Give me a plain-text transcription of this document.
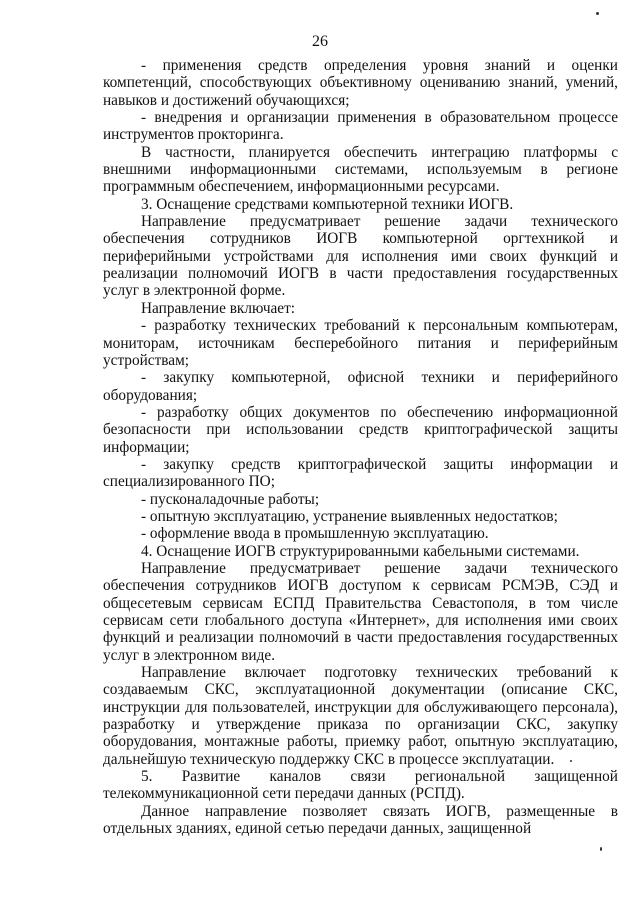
26

- применения средств определения уровня знаний и оценки компетенций, способствующих объективному оцениванию знаний, умений, навыков и достижений обучающихся;

- внедрения и организации применения в образовательном процессе инструментов прокторинга.

В частности, планируется обеспечить интеграцию платформы с внешними информационными системами, используемым в регионе программным обеспечением, информационными ресурсами.

3. Оснащение средствами компьютерной техники ИОГВ.

Направление предусматривает решение задачи технического обеспечения сотрудников ИОГВ компьютерной оргтехникой и периферийными устройствами для исполнения ими своих функций и реализации полномочий ИОГВ в части предоставления государственных услуг в электронной форме.

Направление включает:

- разработку технических требований к персональным компьютерам, мониторам, источникам бесперебойного питания и периферийным устройствам;

- закупку компьютерной, офисной техники и периферийного оборудования;

- разработку общих документов по обеспечению информационной безопасности при использовании средств криптографической защиты информации;

- закупку средств криптографической защиты информации и специализированного ПО;

- пусконаладочные работы;

- опытную эксплуатацию, устранение выявленных недостатков;

- оформление ввода в промышленную эксплуатацию.

4. Оснащение ИОГВ структурированными кабельными системами.

Направление предусматривает решение задачи технического обеспечения сотрудников ИОГВ доступом к сервисам РСМЭВ, СЭД и общесетевым сервисам ЕСПД Правительства Севастополя, в том числе сервисам сети глобального доступа «Интернет», для исполнения ими своих функций и реализации полномочий в части предоставления государственных услуг в электронном виде.

Направление включает подготовку технических требований к создаваемым СКС, эксплуатационной документации (описание СКС, инструкции для пользователей, инструкции для обслуживающего персонала), разработку и утверждение приказа по организации СКС, закупку оборудования, монтажные работы, приемку работ, опытную эксплуатацию, дальнейшую техническую поддержку СКС в процессе эксплуатации.

5. Развитие каналов связи региональной защищенной телекоммуникационной сети передачи данных (РСПД).

Данное направление позволяет связать ИОГВ, размещенные в отдельных зданиях, единой сетью передачи данных, защищенной
